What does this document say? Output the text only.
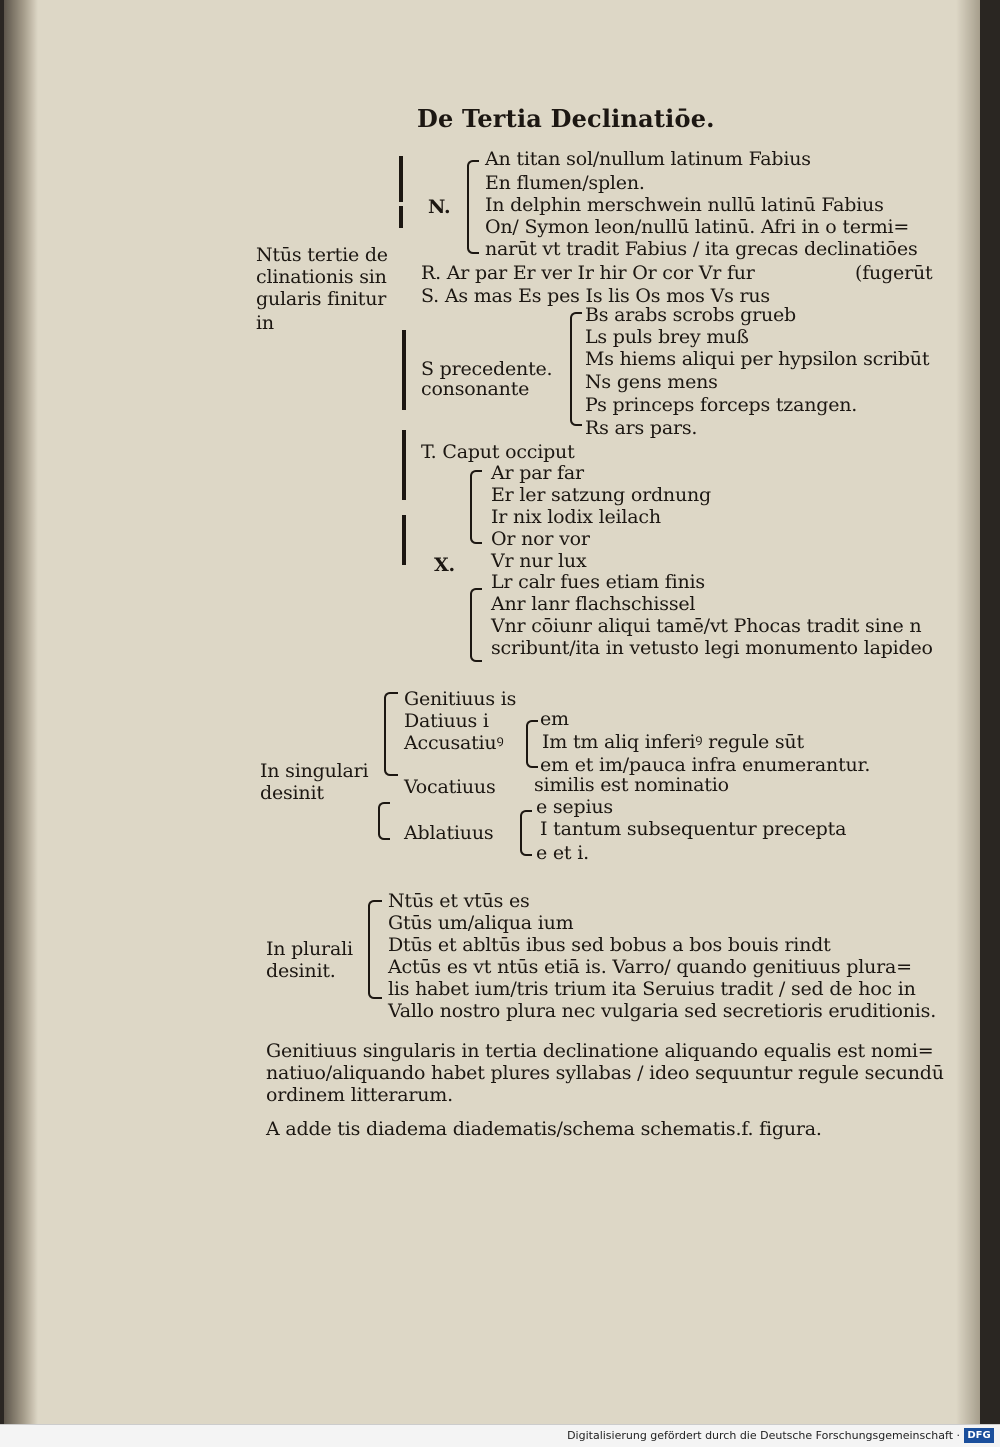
De Tertia Declinatiōe.
An titan sol/nullum latinum Fabius
En flumen/splen.
N. In delphin merschwein nullū latinū Fabius
On/ Symon leon/nullū latinū. Afri in o termi=
narūt vt tradit Fabius / ita grecas declinatiōes
Ntūs tertie de
clinationis sin
gularis finitur
in
R. Ar par Er ver Ir hir Or cor Vr fur	(fugerūt
S. As mas Es pes Is lis Os mos Vs rus
Bs arabs scrobs grueb
Ls puls brey muß
S precedente.
consonante
Ms hiems aliqui per hypsilon scribūt
Ns gens mens
Ps princeps forceps tzangen.
Rs ars pars.
T. Caput occiput
Ar par far
Er ler satzung ordnung
Ir nix lodix leilach
Or nor vor
X. Vr nur lux
Lr calr fues etiam finis
Anr lanr flachschissel
Vnr cōiunr aliqui tamē/vt Phocas tradit sine n
scribunt/ita in vetusto legi monumento lapideo
Genitiuus is
Datiuus i
Accusatiuꝰ
em
Im tm aliq inferiꝰ regule sūt
em et im/pauca infra enumerantur.
In singulari
desinit	Vocatiuus similis est nominatio
e sepius
Ablatiuus I tantum subsequentur precepta
e et i.
Ntūs et vtūs es
Gtūs um/aliqua ium
In plurali Dtūs et abltūs ibus sed bobus a bos bouis rindt
desinit.	Actūs es vt ntūs etiā is. Varro/ quando genitiuus plura=
lis habet ium/tris trium ita Seruius tradit / sed de hoc in
Vallo nostro plura nec vulgaria sed secretioris eruditionis.
Genitiuus singularis in tertia declinatione aliquando equalis est nomi=
natiuo/aliquando habet plures syllabas / ideo sequuntur regule secundū
ordinem litterarum.
A adde tis diadema diadematis/schema schematis.f. figura.
Digitalisierung gefördert durch die Deutsche Forschungsgemeinschaft · DFG
